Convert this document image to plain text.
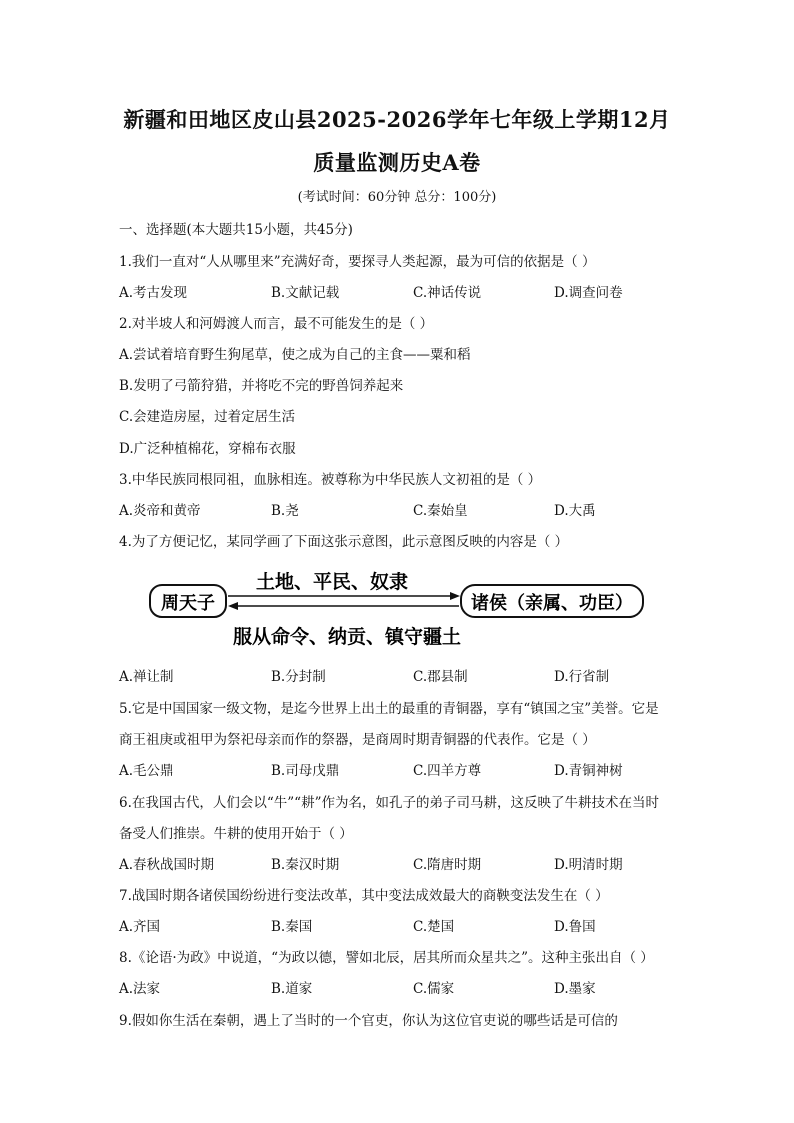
新疆和田地区皮山县2025-2026学年七年级上学期12月
质量监测历史A卷
(考试时间：60分钟 总分：100分)
一、选择题(本大题共15小题，共45分)
1.我们一直对“人从哪里来”充满好奇，要探寻人类起源，最为可信的依据是（ ）
A.考古发现	B.文献记载	C.神话传说	D.调查问卷
2.对半坡人和河姆渡人而言，最不可能发生的是（ ）
A.尝试着培育野生狗尾草，使之成为自己的主食——粟和稻
B.发明了弓箭狩猎，并将吃不完的野兽饲养起来
C.会建造房屋，过着定居生活
D.广泛种植棉花，穿棉布衣服
3.中华民族同根同祖，血脉相连。被尊称为中华民族人文初祖的是（ ）
A.炎帝和黄帝	B.尧	C.秦始皇	D.大禹
4.为了方便记忆，某同学画了下面这张示意图，此示意图反映的内容是（ ）
周天子	诸侯（亲属、功臣）
土地、平民、奴隶
服从命令、纳贡、镇守疆土
A.禅让制	B.分封制	C.郡县制	D.行省制
5.它是中国国家一级文物，是迄今世界上出土的最重的青铜器，享有“镇国之宝”美誉。它是
商王祖庚或祖甲为祭祀母亲而作的祭器，是商周时期青铜器的代表作。它是（ ）
A.毛公鼎	B.司母戊鼎	C.四羊方尊	D.青铜神树
6.在我国古代，人们会以“牛”“耕”作为名，如孔子的弟子司马耕，这反映了牛耕技术在当时
备受人们推崇。牛耕的使用开始于（ ）
A.春秋战国时期	B.秦汉时期	C.隋唐时期	D.明清时期
7.战国时期各诸侯国纷纷进行变法改革，其中变法成效最大的商鞅变法发生在（ ）
A.齐国	B.秦国	C.楚国	D.鲁国
8.《论语·为政》中说道，“为政以德，譬如北辰，居其所而众星共之”。这种主张出自（ ）
A.法家	B.道家	C.儒家	D.墨家
9.假如你生活在秦朝，遇上了当时的一个官吏，你认为这位官吏说的哪些话是可信的
